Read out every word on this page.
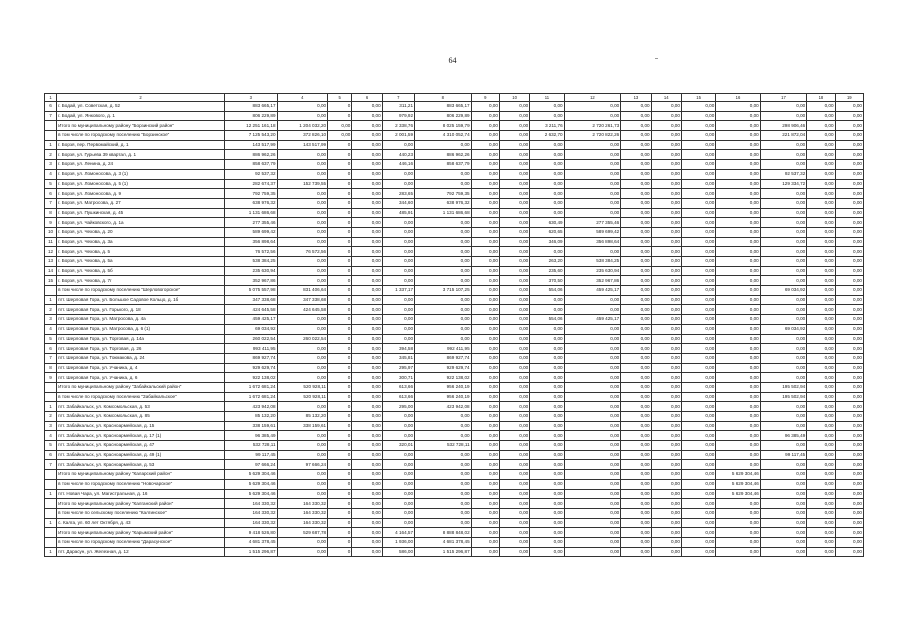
64
1	2	3	4	5	6	7	8	9	10	11	12	13	14	15	16	17	18	19
6	г. Бодай, ул. Советская, д. 52	883 665,17	0,00	0	0,00	311,21	883 665,17	0,00	0,00	0,00	0,00	0,00	0,00	0,00	0,00	0,00	0,00	0,00
7	г. Бодай, ул. Янкового, д. 1	806 229,89	0,00	0	0,00	979,92	806 229,89	0,00	0,00	0,00	0,00	0,00	0,00	0,00	0,00	0,00	0,00	0,00
	Итого по муниципальному району "Борзинский район"	12 251 161,18	1 204 032,20	0,00	0,00	2 338,76	8 025 159,79	0,00	0,00	3 211,76	2 720 261,73	0,00	0,00	0,00	0,00	298 906,46	0,00	0,00
	в том числе по городскому поселению "Борзинское"	7 125 543,20	372 826,10	0,00	0,00	2 001,59	4 310 052,74	0,00	0,00	2 632,70	2 720 822,26	0,00	0,00	0,00	0,00	221 872,04	0,00	0,00
1	г. Борзя, пер. Первомайский, д. 1	143 517,99	143 517,99	0	0,00	0,00	0,00	0,00	0,00	0,00	0,00	0,00	0,00	0,00	0,00	0,00	0,00	0,00
2	г. Борзя, ул. Гурьева 39 квартал, д. 1	886 962,26	0,00	0	0,00	440,23	886 962,26	0,00	0,00	0,00	0,00	0,00	0,00	0,00	0,00	0,00	0,00	0,00
3	г. Борзя, ул. Ленина, д. 24	858 637,79	0,00	0	0,00	446,16	858 637,79	0,00	0,00	0,00	0,00	0,00	0,00	0,00	0,00	0,00	0,00	0,00
4	г. Борзя, ул. Ломоносова, д. 3 (1)	92 537,32	0,00	0	0,00	0,00	0,00	0,00	0,00	0,00	0,00	0,00	0,00	0,00	0,00	92 537,32	0,00	0,00
5	г. Борзя, ул. Ломоносова, д. 5 (1)	282 674,37	152 739,55	0	0,00	0,00	0,00	0,00	0,00	0,00	0,00	0,00	0,00	0,00	0,00	129 334,72	0,00	0,00
6	г. Борзя, ул. Ломоносова, д. 9	792 759,35	0,00	0	0,00	283,65	792 759,35	0,00	0,00	0,00	0,00	0,00	0,00	0,00	0,00	0,00	0,00	0,00
7	г. Борзя, ул. Матросова, д. 27	638 976,32	0,00	0	0,00	344,60	638 976,32	0,00	0,00	0,00	0,00	0,00	0,00	0,00	0,00	0,00	0,00	0,00
8	г. Борзя, ул. Пушкинская, д. 45	1 131 686,68	0,00	0	0,00	485,91	1 131 686,68	0,00	0,00	0,00	0,00	0,00	0,00	0,00	0,00	0,00	0,00	0,00
9	г. Борзя, ул. Чайковского, д. 1а	277 355,46	0,00	0	0,00	0,00	0,00	0,00	0,00	630,49	277 355,46	0,00	0,00	0,00	0,00	0,00	0,00	0,00
10	г. Борзя, ул. Чехова, д. 20	589 699,42	0,00	0	0,00	0,00	0,00	0,00	0,00	620,65	589 699,42	0,00	0,00	0,00	0,00	0,00	0,00	0,00
11	г. Борзя, ул. Чехова, д. 3а	356 898,64	0,00	0	0,00	0,00	0,00	0,00	0,00	346,09	356 898,64	0,00	0,00	0,00	0,00	0,00	0,00	0,00
12	г. Борзя, ул. Чехова, д. 5	76 572,56	76 572,56	0	0,00	0,00	0,00	0,00	0,00	0,00	0,00	0,00	0,00	0,00	0,00	0,00	0,00	0,00
13	г. Борзя, ул. Чехова, д. 5а	538 384,25	0,00	0	0,00	0,00	0,00	0,00	0,00	263,20	538 384,25	0,00	0,00	0,00	0,00	0,00	0,00	0,00
14	г. Борзя, ул. Чехова, д. 5б	235 630,94	0,00	0	0,00	0,00	0,00	0,00	0,00	235,60	235 630,94	0,00	0,00	0,00	0,00	0,00	0,00	0,00
15	г. Борзя, ул. Чехова, д. 7г	352 967,86	0,00	0	0,00	0,00	0,00	0,00	0,00	370,50	352 967,86	0,00	0,00	0,00	0,00	0,00	0,00	0,00
	в том числе по городскому поселению "Шерловогорское"	5 075 557,98	831 406,64	0	0,00	1 337,17	3 715 107,25	0,00	0,00	554,06	459 425,17	0,00	0,00	0,00	0,00	69 034,92	0,00	0,00
1	пгт. Шерловая Гора, ул. Большое Садовое Кольцо, д. 1б	347 338,68	347 338,68	0	0,00	0,00	0,00	0,00	0,00	0,00	0,00	0,00	0,00	0,00	0,00	0,00	0,00	0,00
2	пгт. Шерловая Гора, ул. Горького, д. 18	424 645,58	424 645,58	0	0,00	0,00	0,00	0,00	0,00	0,00	0,00	0,00	0,00	0,00	0,00	0,00	0,00	0,00
3	пгт. Шерловая Гора, ул. Матросова, д. 4а	459 425,17	0,00	0	0,00	0,00	0,00	0,00	0,00	554,06	459 425,17	0,00	0,00	0,00	0,00	0,00	0,00	0,00
4	пгт. Шерловая Гора, ул. Матросова, д. 6 (1)	69 034,92	0,00	0	0,00	0,00	0,00	0,00	0,00	0,00	0,00	0,00	0,00	0,00	0,00	69 034,92	0,00	0,00
5	пгт. Шерловая Гора, ул. Торговая, д. 14а	260 022,54	260 022,54	0	0,00	0,00	0,00	0,00	0,00	0,00	0,00	0,00	0,00	0,00	0,00	0,00	0,00	0,00
6	пгт. Шерловая Гора, ул. Торговая, д. 26	993 411,95	0,00	0	0,00	394,58	992 411,95	0,00	0,00	0,00	0,00	0,00	0,00	0,00	0,00	0,00	0,00	0,00
7	пгт. Шерловая Гора, ул. Токмакова, д. 24	869 927,74	0,00	0	0,00	345,81	869 927,74	0,00	0,00	0,00	0,00	0,00	0,00	0,00	0,00	0,00	0,00	0,00
8	пгт. Шерловая Гора, ул. Учаника, д. 4	929 629,74	0,00	0	0,00	295,97	929 629,74	0,00	0,00	0,00	0,00	0,00	0,00	0,00	0,00	0,00	0,00	0,00
9	пгт. Шерловая Гора, ул. Учаника, д. 6	922 138,02	0,00	0	0,00	300,71	922 138,02	0,00	0,00	0,00	0,00	0,00	0,00	0,00	0,00	0,00	0,00	0,00
	Итого по муниципальному району "Забайкальский район"	1 672 681,24	520 928,11	0	0,00	613,66	956 240,19	0,00	0,00	0,00	0,00	0,00	0,00	0,00	0,00	195 502,94	0,00	0,00
	в том числе по городскому поселению "Забайкальское"	1 672 681,24	520 928,11	0	0,00	613,66	956 240,19	0,00	0,00	0,00	0,00	0,00	0,00	0,00	0,00	195 502,94	0,00	0,00
1	пгт. Забайкальск, ул. Комсомольская, д. 53	423 942,08	0,00	0	0,00	295,00	423 942,08	0,00	0,00	0,00	0,00	0,00	0,00	0,00	0,00	0,00	0,00	0,00
2	пгт. Забайкальск, ул. Комсомольская, д. 85	85 132,20	85 132,20	0	0,00	0,00	0,00	0,00	0,00	0,00	0,00	0,00	0,00	0,00	0,00	0,00	0,00	0,00
3	пгт. Забайкальск, ул. Красноармейская, д. 15	338 159,61	338 159,61	0	0,00	0,00	0,00	0,00	0,00	0,00	0,00	0,00	0,00	0,00	0,00	0,00	0,00	0,00
4	пгт. Забайкальск, ул. Красноармейская, д. 17 (1)	96 385,49	0,00	0	0,00	0,00	0,00	0,00	0,00	0,00	0,00	0,00	0,00	0,00	0,00	96 385,49	0,00	0,00
5	пгт. Забайкальск, ул. Красноармейская, д. 47	532 728,11	0,00	0	0,00	320,01	532 728,11	0,00	0,00	0,00	0,00	0,00	0,00	0,00	0,00	0,00	0,00	0,00
6	пгт. Забайкальск, ул. Красноармейская, д. 49 (1)	99 117,45	0,00	0	0,00	0,00	0,00	0,00	0,00	0,00	0,00	0,00	0,00	0,00	0,00	99 117,45	0,00	0,00
7	пгт. Забайкальск, ул. Красноармейская, д. 53	97 666,24	97 666,24	0	0,00	0,00	0,00	0,00	0,00	0,00	0,00	0,00	0,00	0,00	0,00	0,00	0,00	0,00
	Итого по муниципальному району "Каларский район"	5 629 304,46	0,00	0	0,00	0,00	0,00	0,00	0,00	0,00	0,00	0,00	0,00	0,00	5 629 304,46	0,00	0,00	0,00
	в том числе по городскому поселению "Новочарское"	5 629 304,46	0,00	0	0,00	0,00	0,00	0,00	0,00	0,00	0,00	0,00	0,00	0,00	5 629 304,46	0,00	0,00	0,00
1	пгт. Новая Чара, ул. Магистральная, д. 16	5 629 304,46	0,00	0	0,00	0,00	0,00	0,00	0,00	0,00	0,00	0,00	0,00	0,00	5 629 304,46	0,00	0,00	0,00
	Итого по муниципальному району "Калганский район"	164 330,32	164 330,32	0	0,00	0,00	0,00	0,00	0,00	0,00	0,00	0,00	0,00	0,00	0,00	0,00	0,00	0,00
	в том числе по сельскому поселению "Калгинское"	164 330,32	164 330,32	0	0,00	0,00	0,00	0,00	0,00	0,00	0,00	0,00	0,00	0,00	0,00	0,00	0,00	0,00
1	с. Калга, ул. 60 лет Октября, д. 43	164 330,32	164 330,32	0	0,00	0,00	0,00	0,00	0,00	0,00	0,00	0,00	0,00	0,00	0,00	0,00	0,00	0,00
	Итого по муниципальному району "Карымский район"	9 418 526,80	529 687,78	0	0,00	4 164,57	8 888 848,02	0,00	0,00	0,00	0,00	0,00	0,00	0,00	0,00	0,00	0,00	0,00
	в том числе по городскому поселению "Дарасунское"	4 681 378,45	0,00	0	0,00	1 936,00	4 681 378,45	0,00	0,00	0,00	0,00	0,00	0,00	0,00	0,00	0,00	0,00	0,00
1	пгт. Дарасун, ул. Железная, д. 12	1 515 296,87	0,00	0	0,00	586,00	1 515 296,87	0,00	0,00	0,00	0,00	0,00	0,00	0,00	0,00	0,00	0,00	0,00
